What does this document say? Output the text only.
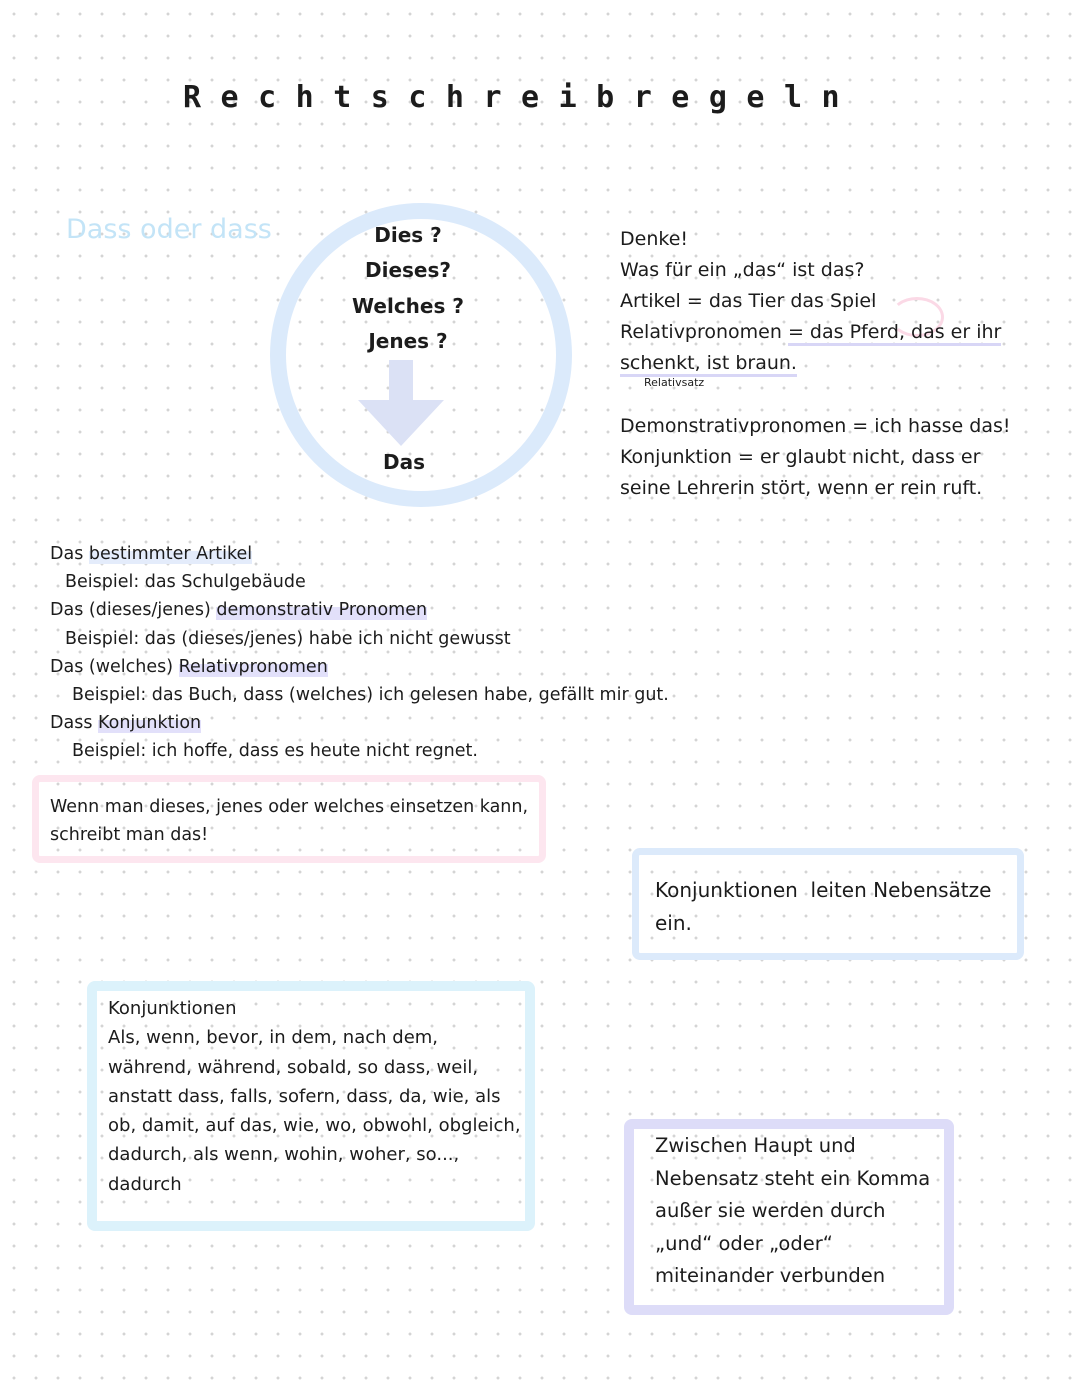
Rechtschreibregeln
Dass oder dass	Dies ?
Dieses?
Welches ?
Jenes ?
Das
Denke!
Was für ein „das“ ist das?
Artikel = das Tier das Spiel
Relativpronomen = das Pferd, das er ihr
schenkt, ist braun.
Relativsatz
Demonstrativpronomen = ich hasse das!
Konjunktion = er glaubt nicht, dass er
seine Lehrerin stört, wenn er rein ruft.
Das bestimmter Artikel
Beispiel: das Schulgebäude
Das (dieses/jenes) demonstrativ Pronomen
Beispiel: das (dieses/jenes) habe ich nicht gewusst
Das (welches) Relativpronomen
Beispiel: das Buch, dass (welches) ich gelesen habe, gefällt mir gut.
Dass Konjunktion
Beispiel: ich hoffe, dass es heute nicht regnet.
Wenn man dieses, jenes oder welches einsetzen kann,
schreibt man das!
Konjunktionen  leiten Nebensätze ein.
Konjunktionen
Als, wenn, bevor, in dem, nach dem,
während, während, sobald, so dass, weil,
anstatt dass, falls, sofern, dass, da, wie, als
ob, damit, auf das, wie, wo, obwohl, obgleich,
dadurch, als wenn, wohin, woher, so...,
dadurch
Zwischen Haupt und
Nebensatz steht ein Komma
außer sie werden durch
„und“ oder „oder“
miteinander verbunden
